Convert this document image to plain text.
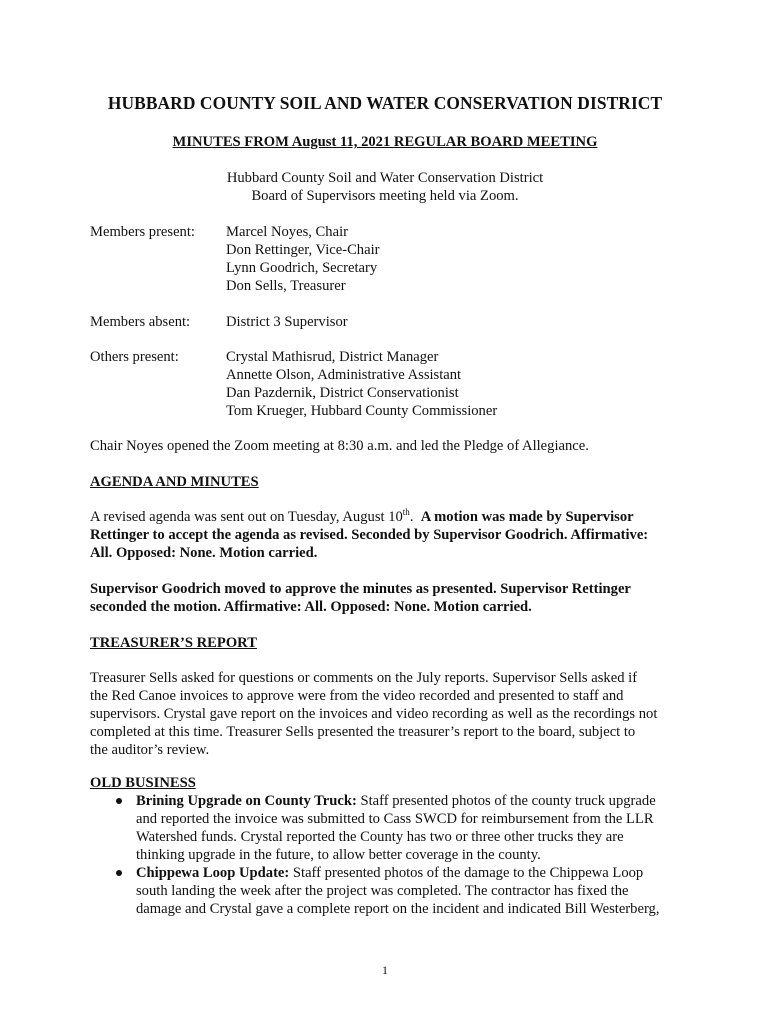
HUBBARD COUNTY SOIL AND WATER CONSERVATION DISTRICT
MINUTES FROM August 11, 2021 REGULAR BOARD MEETING
Hubbard County Soil and Water Conservation District
Board of Supervisors meeting held via Zoom.
Members present: Marcel Noyes, Chair
Don Rettinger, Vice-Chair
Lynn Goodrich, Secretary
Don Sells, Treasurer
Members absent: District 3 Supervisor
Others present:	Crystal Mathisrud, District Manager
Annette Olson, Administrative Assistant
Dan Pazdernik, District Conservationist
Tom Krueger, Hubbard County Commissioner
Chair Noyes opened the Zoom meeting at 8:30 a.m. and led the Pledge of Allegiance.
AGENDA AND MINUTES
A revised agenda was sent out on Tuesday, August 10th. A motion was made by Supervisor
Rettinger to accept the agenda as revised. Seconded by Supervisor Goodrich. Affirmative:
All. Opposed: None. Motion carried.
Supervisor Goodrich moved to approve the minutes as presented. Supervisor Rettinger
seconded the motion. Affirmative: All. Opposed: None. Motion carried.
TREASURER’S REPORT
Treasurer Sells asked for questions or comments on the July reports. Supervisor Sells asked if
the Red Canoe invoices to approve were from the video recorded and presented to staff and
supervisors. Crystal gave report on the invoices and video recording as well as the recordings not
completed at this time. Treasurer Sells presented the treasurer’s report to the board, subject to
the auditor’s review.
OLD BUSINESS
Brining Upgrade on County Truck: Staff presented photos of the county truck upgrade
and reported the invoice was submitted to Cass SWCD for reimbursement from the LLR
Watershed funds. Crystal reported the County has two or three other trucks they are
thinking upgrade in the future, to allow better coverage in the county.
Chippewa Loop Update: Staff presented photos of the damage to the Chippewa Loop
south landing the week after the project was completed. The contractor has fixed the
damage and Crystal gave a complete report on the incident and indicated Bill Westerberg,
1
